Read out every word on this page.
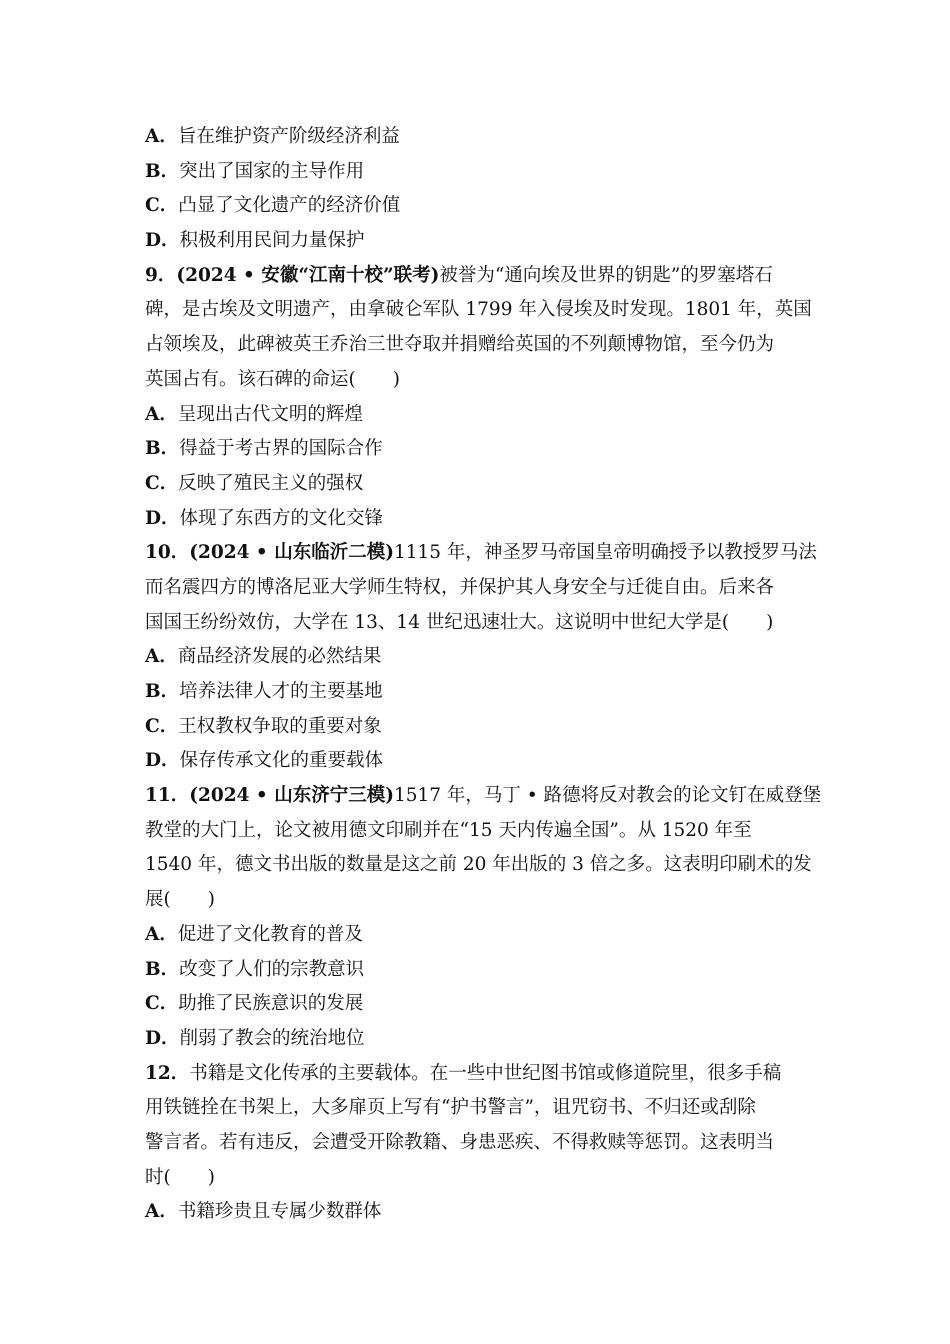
A．旨在维护资产阶级经济利益
B．突出了国家的主导作用
C．凸显了文化遗产的经济价值
D．积极利用民间力量保护
9．(2024 • 安徽“江南十校”联考)被誉为“通向埃及世界的钥匙”的罗塞塔石
碑，是古埃及文明遗产，由拿破仑军队 1799 年入侵埃及时发现。1801 年，英国
占领埃及，此碑被英王乔治三世夺取并捐赠给英国的不列颠博物馆，至今仍为
英国占有。该石碑的命运(　　)
A．呈现出古代文明的辉煌
B．得益于考古界的国际合作
C．反映了殖民主义的强权
D．体现了东西方的文化交锋
10．(2024 • 山东临沂二模)1115 年，神圣罗马帝国皇帝明确授予以教授罗马法
而名震四方的博洛尼亚大学师生特权，并保护其人身安全与迁徙自由。后来各
国国王纷纷效仿，大学在 13、14 世纪迅速壮大。这说明中世纪大学是(　　)
A．商品经济发展的必然结果
B．培养法律人才的主要基地
C．王权教权争取的重要对象
D．保存传承文化的重要载体
11．(2024 • 山东济宁三模)1517 年，马丁 • 路德将反对教会的论文钉在威登堡
教堂的大门上，论文被用德文印刷并在“15 天内传遍全国”。从 1520 年至
1540 年，德文书出版的数量是这之前 20 年出版的 3 倍之多。这表明印刷术的发
展(　　)
A．促进了文化教育的普及
B．改变了人们的宗教意识
C．助推了民族意识的发展
D．削弱了教会的统治地位
12．书籍是文化传承的主要载体。在一些中世纪图书馆或修道院里，很多手稿
用铁链拴在书架上，大多扉页上写有“护书警言”，诅咒窃书、不归还或刮除
警言者。若有违反，会遭受开除教籍、身患恶疾、不得救赎等惩罚。这表明当
时(　　)
A．书籍珍贵且专属少数群体
